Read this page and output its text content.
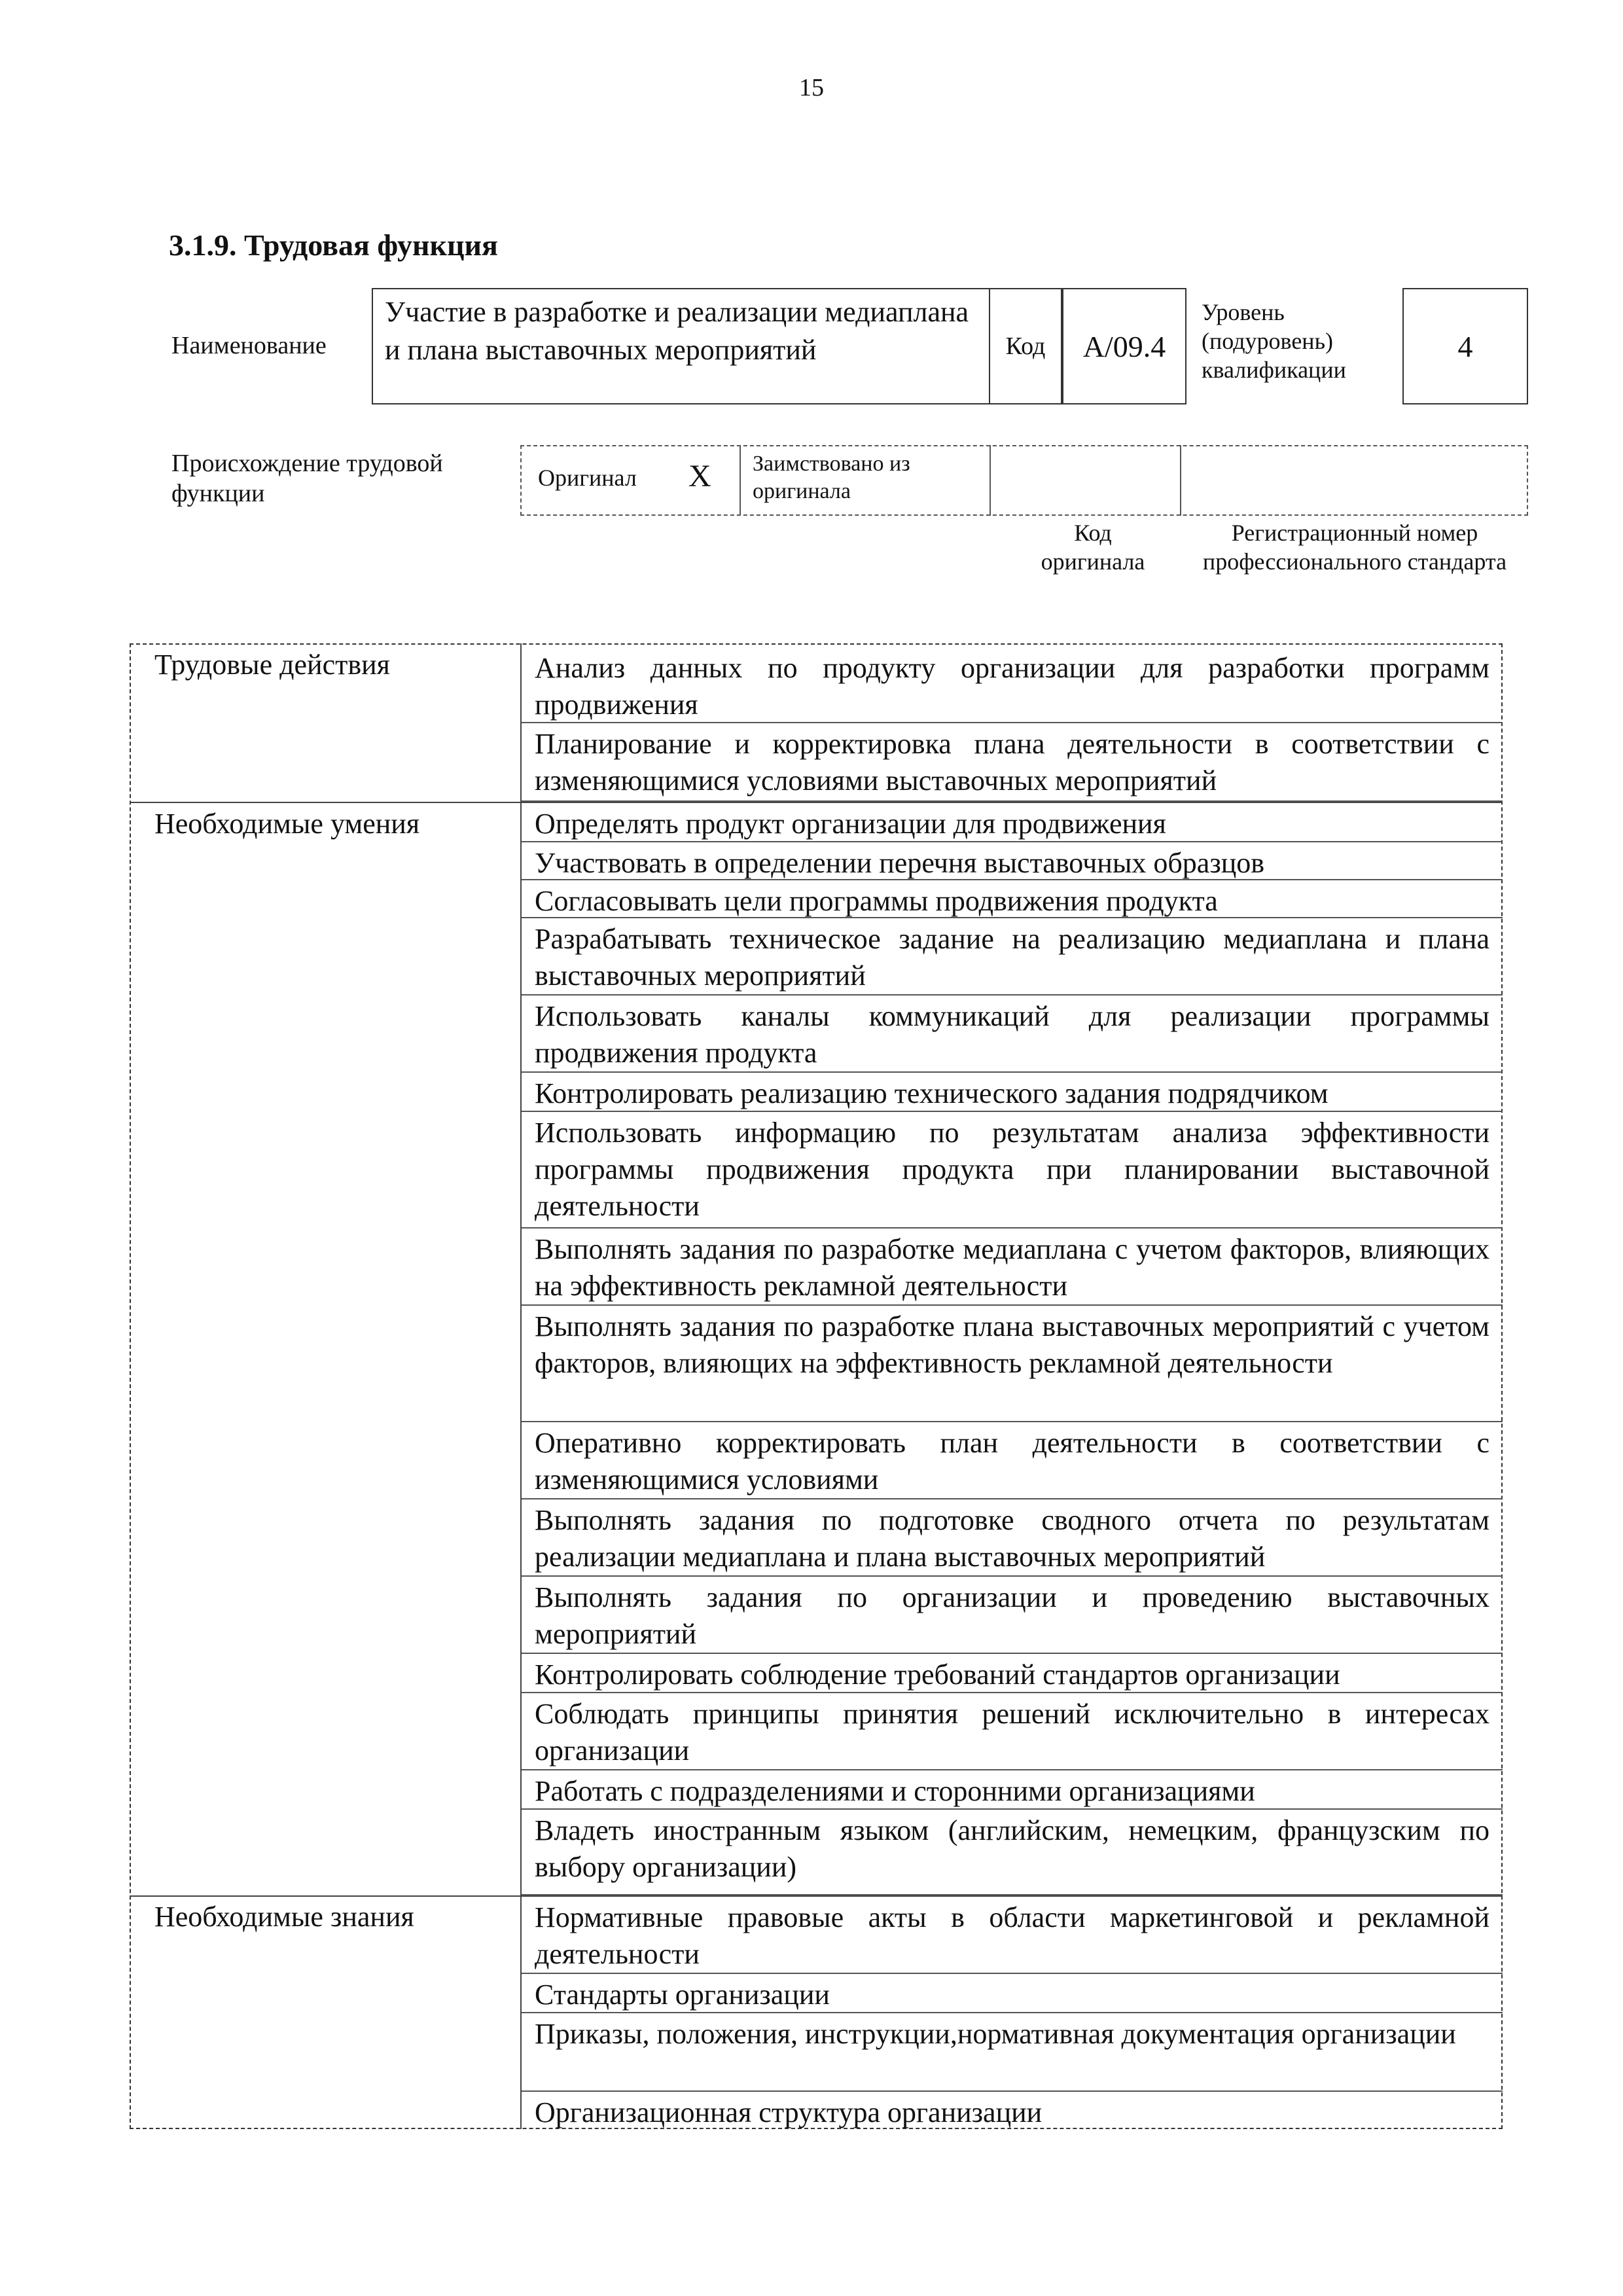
15
3.1.9. Трудовая функция
Наименование
Участие в разработке и реализации медиаплана и плана выставочных мероприятий	Код A/09.4
Уровень (подуровень) квалификации
4
Происхождение трудовой функции
Оригинал X Заимствовано из оригинала
Код оригинала
Регистрационный номер профессионального стандарта
Трудовые действия
Необходимые умения
Необходимые знания
Анализ данных по продукту организации для разработки программ продвижения
Планирование и корректировка плана деятельности в соответствии с изменяющимися условиями выставочных мероприятий
Определять продукт организации для продвижения
Участвовать в определении перечня выставочных образцов
Согласовывать цели программы продвижения продукта
Разрабатывать техническое задание на реализацию медиаплана и плана выставочных мероприятий
Использовать каналы коммуникаций для реализации программы продвижения продукта
Контролировать реализацию технического задания подрядчиком
Использовать информацию по результатам анализа эффективности программы продвижения продукта при планировании выставочной деятельности
Выполнять задания по разработке медиаплана с учетом факторов, влияющих на эффективность рекламной деятельности
Выполнять задания по разработке плана выставочных мероприятий с учетом факторов, влияющих на эффективность рекламной деятельности
Оперативно корректировать план деятельности в соответствии с изменяющимися условиями
Выполнять задания по подготовке сводного отчета по результатам реализации медиаплана и плана выставочных мероприятий
Выполнять задания по организации и проведению выставочных мероприятий
Контролировать соблюдение требований стандартов организации
Соблюдать принципы принятия решений исключительно в интересах организации
Работать с подразделениями и сторонними организациями
Владеть иностранным языком (английским, немецким, французским по выбору организации)
Нормативные правовые акты в области маркетинговой и рекламной деятельности
Стандарты организации
Приказы, положения, инструкции,нормативная документация организации
Организационная структура организации
